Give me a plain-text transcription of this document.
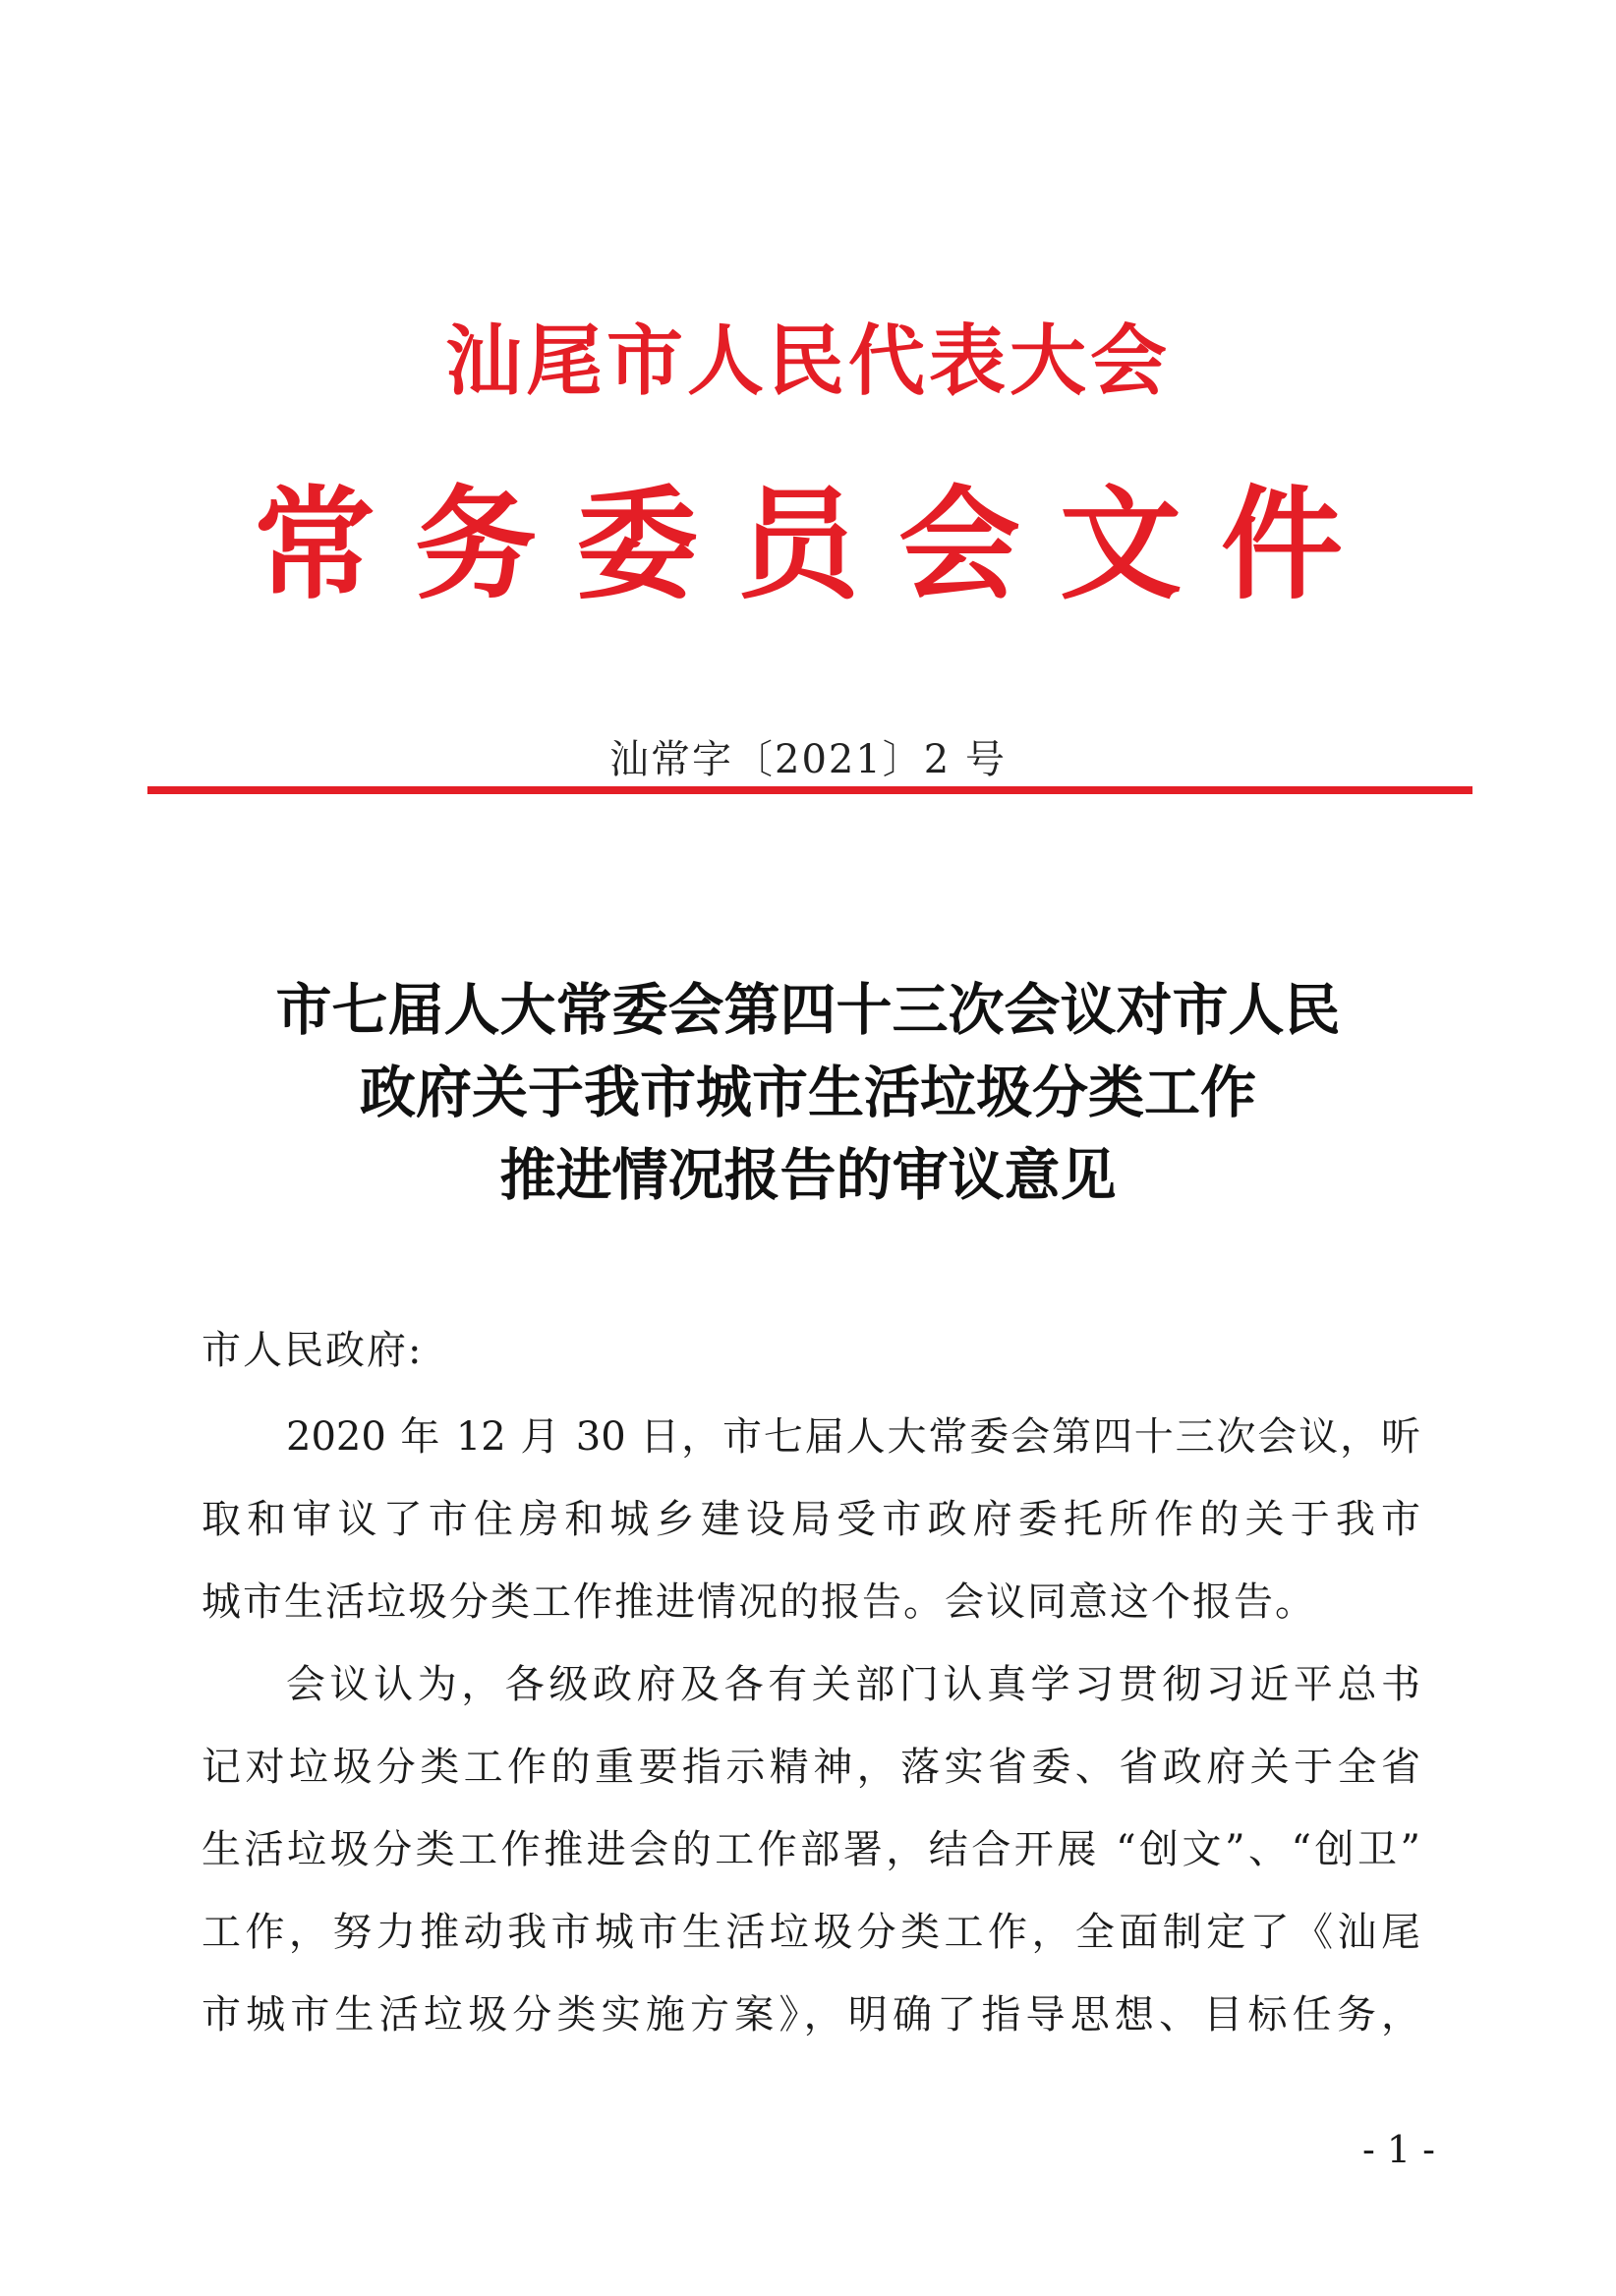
汕尾市人民代表大会
常务委员会文件
汕常字〔2021〕2 号
市七届人大常委会第四十三次会议对市人民
政府关于我市城市生活垃圾分类工作
推进情况报告的审议意见
市人民政府:
2020 年 12 月 30 日，市七届人大常委会第四十三次会议，听
取和审议了市住房和城乡建设局受市政府委托所作的关于我市
城市生活垃圾分类工作推进情况的报告。会议同意这个报告。
会议认为，各级政府及各有关部门认真学习贯彻习近平总书
记对垃圾分类工作的重要指示精神，落实省委、省政府关于全省
生活垃圾分类工作推进会的工作部署，结合开展 “创文”、“创卫”
工作，努力推动我市城市生活垃圾分类工作，全面制定了《汕尾
市城市生活垃圾分类实施方案》，明确了指导思想、目标任务，
- 1 -
